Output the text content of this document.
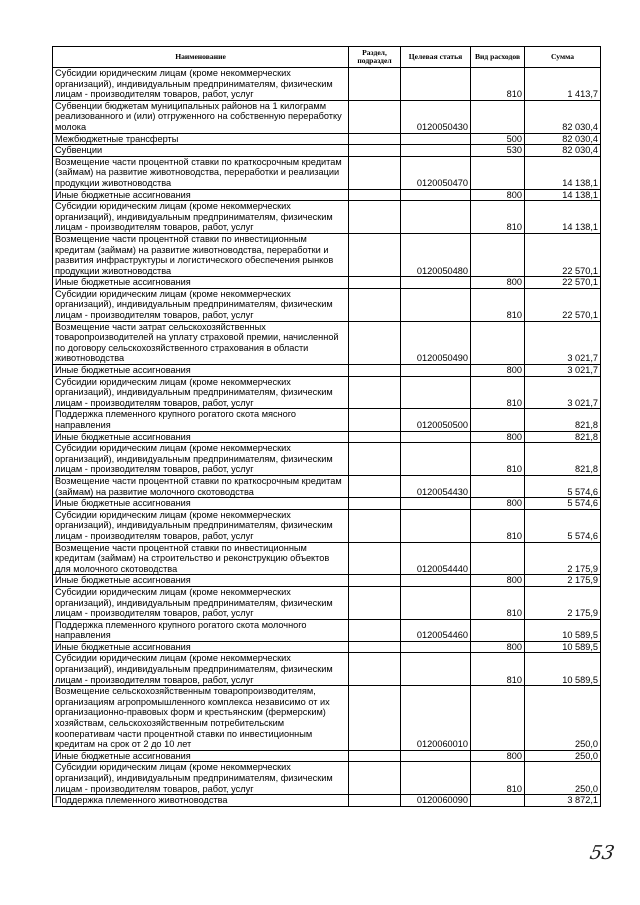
Наименование	Раздел, подраздел	Целевая статья	Вид расходов	Сумма
Субсидии юридическим лицам (кроме некоммерческих организаций), индивидуальным предпринимателям, физическим лицам - производителям товаров, работ, услуг			810	1 413,7
Субвенции бюджетам муниципальных районов на 1 килограмм реализованного и (или) отгруженного на собственную переработку молока		0120050430		82 030,4
Межбюджетные трансферты			500	82 030,4
Субвенции			530	82 030,4
Возмещение части процентной ставки по краткосрочным кредитам (займам) на развитие животноводства, переработки и реализации продукции животноводства		0120050470		14 138,1
Иные бюджетные ассигнования			800	14 138,1
Субсидии юридическим лицам (кроме некоммерческих организаций), индивидуальным предпринимателям, физическим лицам - производителям товаров, работ, услуг			810	14 138,1
Возмещение части процентной ставки по инвестиционным кредитам (займам) на развитие животноводства, переработки и развития инфраструктуры и логистического обеспечения рынков продукции животноводства		0120050480		22 570,1
Иные бюджетные ассигнования			800	22 570,1
Субсидии юридическим лицам (кроме некоммерческих организаций), индивидуальным предпринимателям, физическим лицам - производителям товаров, работ, услуг			810	22 570,1
Возмещение части затрат сельскохозяйственных товаропроизводителей на уплату страховой премии, начисленной по договору сельскохозяйственного страхования в области животноводства		0120050490		3 021,7
Иные бюджетные ассигнования			800	3 021,7
Субсидии юридическим лицам (кроме некоммерческих организаций), индивидуальным предпринимателям, физическим лицам - производителям товаров, работ, услуг			810	3 021,7
Поддержка племенного крупного рогатого скота мясного направления		0120050500		821,8
Иные бюджетные ассигнования			800	821,8
Субсидии юридическим лицам (кроме некоммерческих организаций), индивидуальным предпринимателям, физическим лицам - производителям товаров, работ, услуг			810	821,8
Возмещение части процентной ставки по краткосрочным кредитам (займам) на развитие молочного скотоводства		0120054430		5 574,6
Иные бюджетные ассигнования			800	5 574,6
Субсидии юридическим лицам (кроме некоммерческих организаций), индивидуальным предпринимателям, физическим лицам - производителям товаров, работ, услуг			810	5 574,6
Возмещение части процентной ставки по инвестиционным кредитам (займам) на строительство и реконструкцию объектов для молочного скотоводства		0120054440		2 175,9
Иные бюджетные ассигнования			800	2 175,9
Субсидии юридическим лицам (кроме некоммерческих организаций), индивидуальным предпринимателям, физическим лицам - производителям товаров, работ, услуг			810	2 175,9
Поддержка племенного крупного рогатого скота молочного направления		0120054460		10 589,5
Иные бюджетные ассигнования			800	10 589,5
Субсидии юридическим лицам (кроме некоммерческих организаций), индивидуальным предпринимателям, физическим лицам - производителям товаров, работ, услуг			810	10 589,5
Возмещение сельскохозяйственным товаропроизводителям, организациям агропромышленного комплекса независимо от их организационно-правовых форм и крестьянским (фермерским) хозяйствам, сельскохозяйственным потребительским кооперативам части процентной ставки по инвестиционным кредитам на срок от 2 до 10 лет		0120060010		250,0
Иные бюджетные ассигнования			800	250,0
Субсидии юридическим лицам (кроме некоммерческих организаций), индивидуальным предпринимателям, физическим лицам - производителям товаров, работ, услуг			810	250,0
Поддержка племенного животноводства		0120060090		3 872,1
53
